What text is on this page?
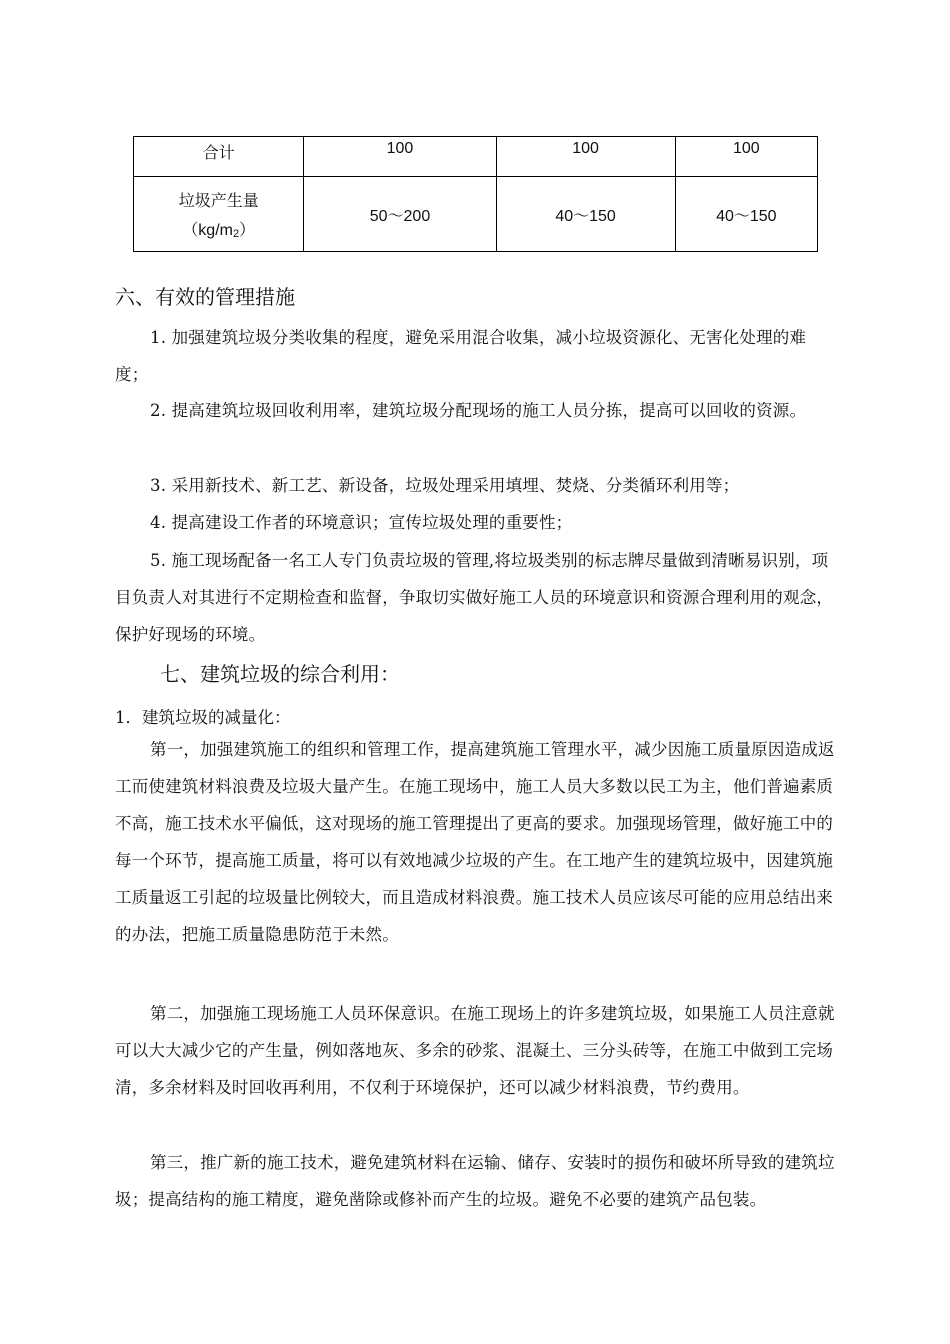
合计	100	100	100
垃圾产生量
（kg/m2）	50～200	40～150	40～150
六、有效的管理措施

1. 加强建筑垃圾分类收集的程度，避免采用混合收集，减小垃圾资源化、无害化处理的难度；

2. 提高建筑垃圾回收利用率，建筑垃圾分配现场的施工人员分拣，提高可以回收的资源。

3. 采用新技术、新工艺、新设备，垃圾处理采用填埋、焚烧、分类循环利用等；

4. 提高建设工作者的环境意识；宣传垃圾处理的重要性；

5. 施工现场配备一名工人专门负责垃圾的管理,将垃圾类别的标志牌尽量做到清晰易识别，项目负责人对其进行不定期检查和监督，争取切实做好施工人员的环境意识和资源合理利用的观念，保护好现场的环境。

七、建筑垃圾的综合利用：
1．建筑垃圾的减量化：

第一，加强建筑施工的组织和管理工作，提高建筑施工管理水平，减少因施工质量原因造成返工而使建筑材料浪费及垃圾大量产生。在施工现场中，施工人员大多数以民工为主，他们普遍素质不高，施工技术水平偏低，这对现场的施工管理提出了更高的要求。加强现场管理，做好施工中的每一个环节，提高施工质量，将可以有效地减少垃圾的产生。在工地产生的建筑垃圾中，因建筑施工质量返工引起的垃圾量比例较大，而且造成材料浪费。施工技术人员应该尽可能的应用总结出来的办法，把施工质量隐患防范于未然。

第二，加强施工现场施工人员环保意识。在施工现场上的许多建筑垃圾，如果施工人员注意就可以大大减少它的产生量，例如落地灰、多余的砂浆、混凝土、三分头砖等，在施工中做到工完场清，多余材料及时回收再利用，不仅利于环境保护，还可以减少材料浪费，节约费用。

第三，推广新的施工技术，避免建筑材料在运输、储存、安装时的损伤和破坏所导致的建筑垃圾；提高结构的施工精度，避免凿除或修补而产生的垃圾。避免不必要的建筑产品包装。
